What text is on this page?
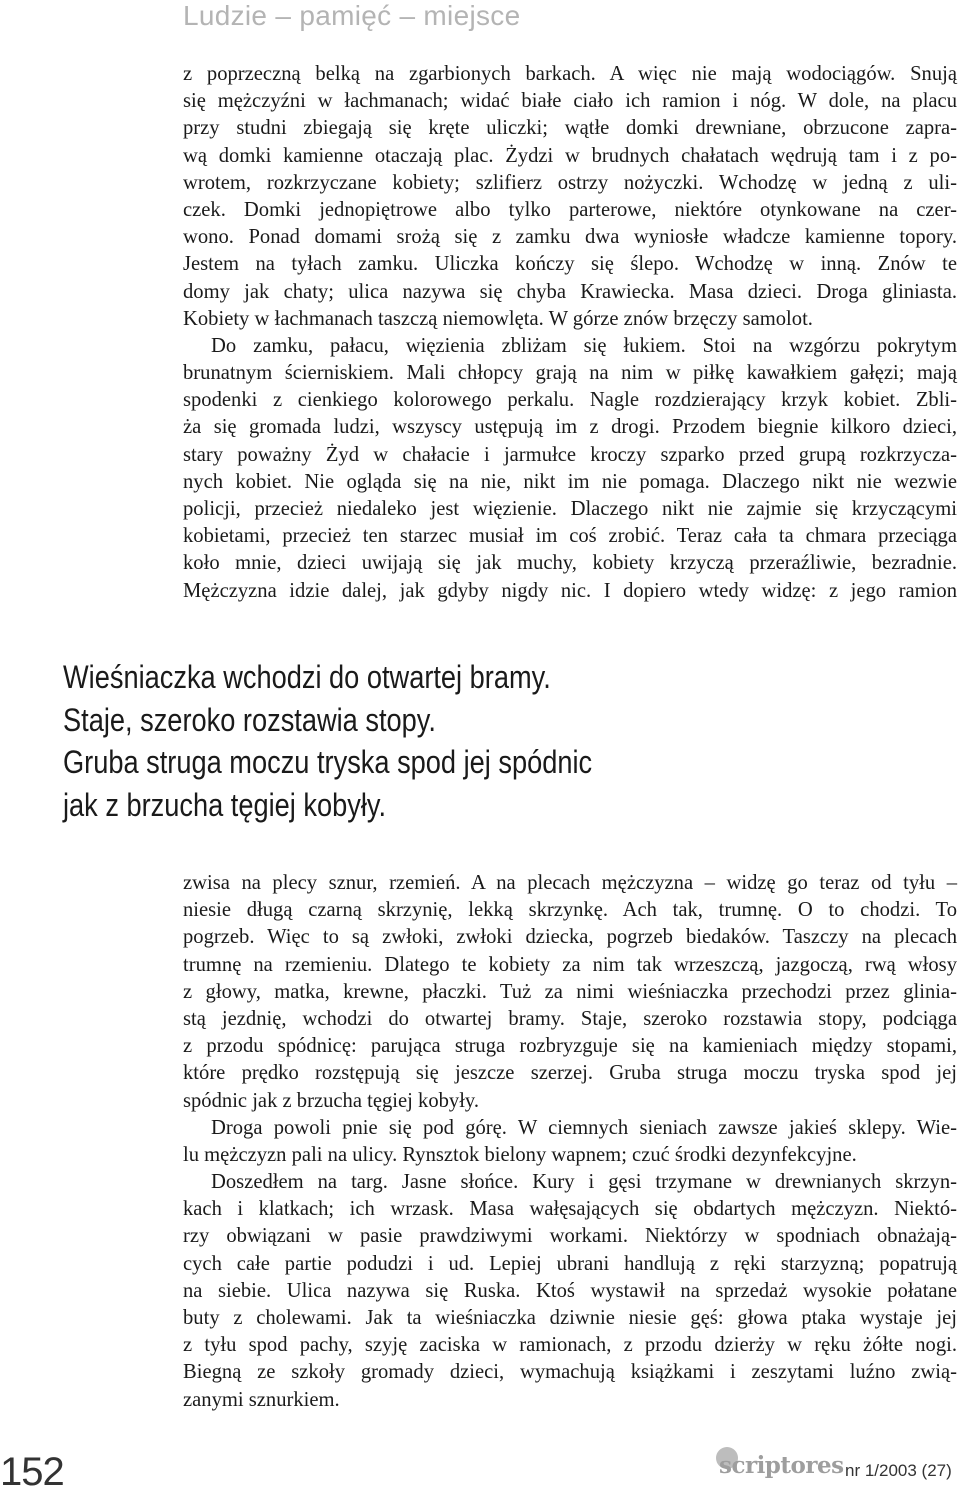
Ludzie – pamięć – miejsce
z poprzeczną belką na zgarbionych barkach. A więc nie mają wodociągów. Snują
się mężczyźni w łachmanach; widać białe ciało ich ramion i nóg. W dole, na placu
przy studni zbiegają się kręte uliczki; wątłe domki drewniane, obrzucone zapra-
wą domki kamienne otaczają plac. Żydzi w brudnych chałatach wędrują tam i z po-
wrotem, rozkrzyczane kobiety; szlifierz ostrzy nożyczki. Wchodzę w jedną z uli-
czek. Domki jednopiętrowe albo tylko parterowe, niektóre otynkowane na czer-
wono. Ponad domami srożą się z zamku dwa wyniosłe władcze kamienne topory.
Jestem na tyłach zamku. Uliczka kończy się ślepo. Wchodzę w inną. Znów te
domy jak chaty; ulica nazywa się chyba Krawiecka. Masa dzieci. Droga gliniasta.
Kobiety w łachmanach taszczą niemowlęta. W górze znów brzęczy samolot.
Do zamku, pałacu, więzienia zbliżam się łukiem. Stoi na wzgórzu pokrytym
brunatnym ścierniskiem. Mali chłopcy grają na nim w piłkę kawałkiem gałęzi; mają
spodenki z cienkiego kolorowego perkalu. Nagle rozdzierający krzyk kobiet. Zbli-
ża się gromada ludzi, wszyscy ustępują im z drogi. Przodem biegnie kilkoro dzieci,
stary poważny Żyd w chałacie i jarmułce kroczy szparko przed grupą rozkrzycza-
nych kobiet. Nie ogląda się na nie, nikt im nie pomaga. Dlaczego nikt nie wezwie
policji, przecież niedaleko jest więzienie. Dlaczego nikt nie zajmie się krzyczącymi
kobietami, przecież ten starzec musiał im coś zrobić. Teraz cała ta chmara przeciąga
koło mnie, dzieci uwijają się jak muchy, kobiety krzyczą przeraźliwie, bezradnie.
Mężczyzna idzie dalej, jak gdyby nigdy nic. I dopiero wtedy widzę: z jego ramion
Wieśniaczka wchodzi do otwartej bramy.
Staje, szeroko rozstawia stopy.
Gruba struga moczu tryska spod jej spódnic
jak z brzucha tęgiej kobyły.
zwisa na plecy sznur, rzemień. A na plecach mężczyzna – widzę go teraz od tyłu –
niesie długą czarną skrzynię, lekką skrzynkę. Ach tak, trumnę. O to chodzi. To
pogrzeb. Więc to są zwłoki, zwłoki dziecka, pogrzeb biedaków. Taszczy na plecach
trumnę na rzemieniu. Dlatego te kobiety za nim tak wrzeszczą, jazgoczą, rwą włosy
z głowy, matka, krewne, płaczki. Tuż za nimi wieśniaczka przechodzi przez glinia-
stą jezdnię, wchodzi do otwartej bramy. Staje, szeroko rozstawia stopy, podciąga
z przodu spódnicę: parująca struga rozbryzguje się na kamieniach między stopami,
które prędko rozstępują się jeszcze szerzej. Gruba struga moczu tryska spod jej
spódnic jak z brzucha tęgiej kobyły.
Droga powoli pnie się pod górę. W ciemnych sieniach zawsze jakieś sklepy. Wie-
lu mężczyzn pali na ulicy. Rynsztok bielony wapnem; czuć środki dezynfekcyjne.
Doszedłem na targ. Jasne słońce. Kury i gęsi trzymane w drewnianych skrzyn-
kach i klatkach; ich wrzask. Masa wałęsających się obdartych mężczyzn. Niektó-
rzy obwiązani w pasie prawdziwymi workami. Niektórzy w spodniach obnażają-
cych całe partie podudzi i ud. Lepiej ubrani handlują z ręki starzyzną; popatrują
na siebie. Ulica nazywa się Ruska. Ktoś wystawił na sprzedaż wysokie połatane
buty z cholewami. Jak ta wieśniaczka dziwnie niesie gęś: głowa ptaka wystaje jej
z tyłu spod pachy, szyję zaciska w ramionach, z przodu dzierży w ręku żółte nogi.
Biegną ze szkoły gromady dzieci, wymachują książkami i zeszytami luźno zwią-
zanymi sznurkiem.
152	scriptores nr 1/2003 (27)
